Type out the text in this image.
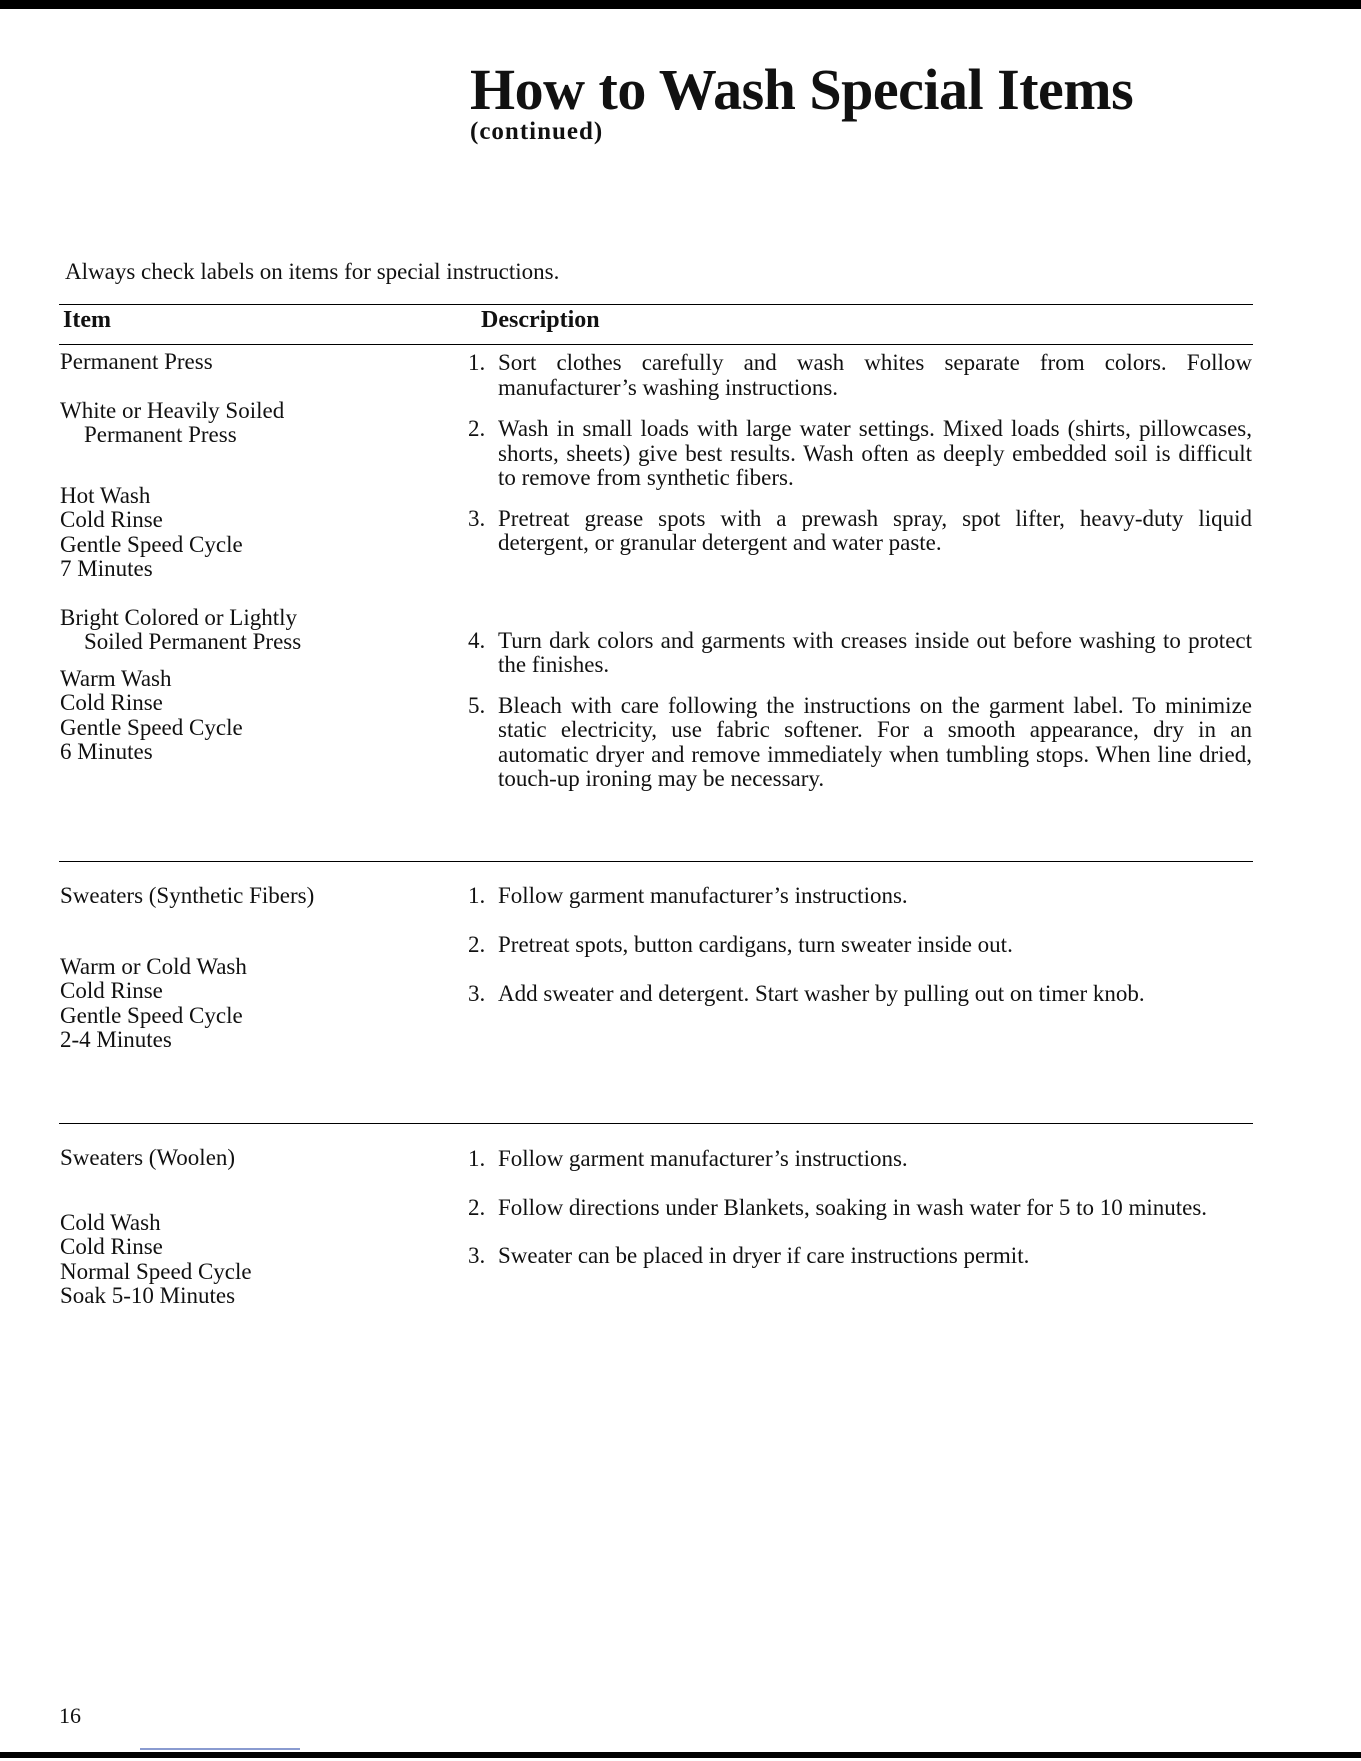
How to Wash Special Items
(continued)
Always check labels on items for special instructions.
Item	Description

Permanent Press

White or Heavily Soiled

Permanent Press

Hot Wash

Cold Rinse

Gentle Speed Cycle

7 Minutes

Bright Colored or Lightly

Soiled Permanent Press

Warm Wash

Cold Rinse

Gentle Speed Cycle

6 Minutes

1. Sort clothes carefully and wash whites separate from colors. Follow manufacturer’s washing instructions.
2. Wash in small loads with large water settings. Mixed loads (shirts, pillowcases, shorts, sheets) give best results. Wash often as deeply embedded soil is difficult to remove from synthetic fibers.
3. Pretreat grease spots with a prewash spray, spot lifter, heavy-duty liquid detergent, or granular detergent and water paste.
4. Turn dark colors and garments with creases inside out before washing to protect the finishes.
5. Bleach with care following the instructions on the garment label. To minimize static electricity, use fabric softener. For a smooth appearance, dry in an automatic dryer and remove immediately when tumbling stops. When line dried, touch-up ironing may be necessary.

Sweaters (Synthetic Fibers)

Warm or Cold Wash

Cold Rinse

Gentle Speed Cycle

2-4 Minutes

1. Follow garment manufacturer’s instructions.
2. Pretreat spots, button cardigans, turn sweater inside out.
3. Add sweater and detergent. Start washer by pulling out on timer knob.

Sweaters (Woolen)

Cold Wash

Cold Rinse

Normal Speed Cycle

Soak 5-10 Minutes

1. Follow garment manufacturer’s instructions.
2. Follow directions under Blankets, soaking in wash water for 5 to 10 minutes.
3. Sweater can be placed in dryer if care instructions permit.
16
